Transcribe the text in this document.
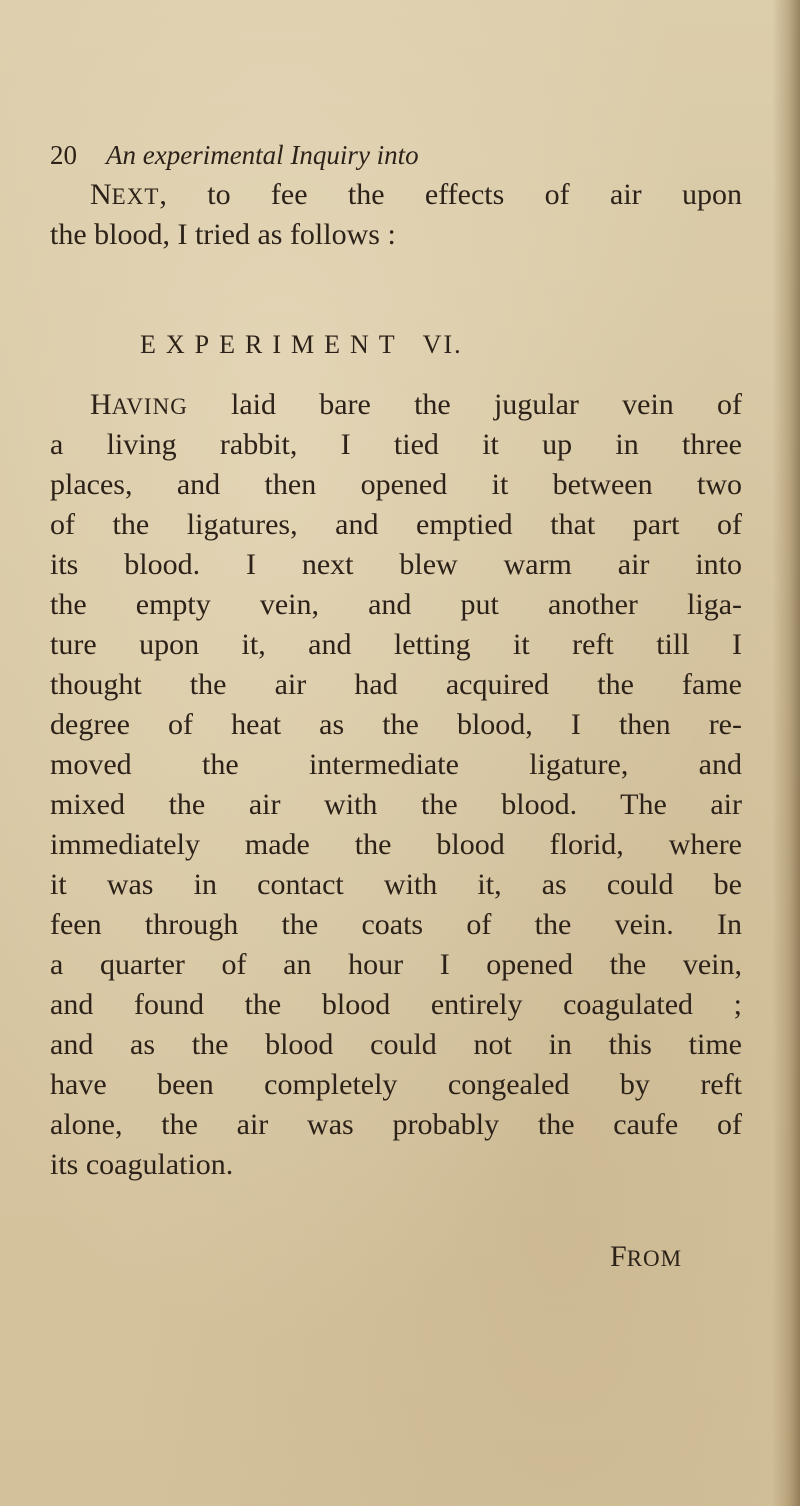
20 An experimental Inquiry into
NEXT, to fee the effects of air upon
the blood, I tried as follows :
EXPERIMENT VI.
HAVING laid bare the jugular vein of
a living rabbit, I tied it up in three
places, and then opened it between two
of the ligatures, and emptied that part of
its blood. I next blew warm air into
the empty vein, and put another liga-
ture upon it, and letting it reft till I
thought the air had acquired the fame
degree of heat as the blood, I then re-
moved the intermediate ligature, and
mixed the air with the blood. The air
immediately made the blood florid, where
it was in contact with it, as could be
feen through the coats of the vein. In
a quarter of an hour I opened the vein,
and found the blood entirely coagulated ;
and as the blood could not in this time
have been completely congealed by reft
alone, the air was probably the caufe of
its coagulation.
FROM
